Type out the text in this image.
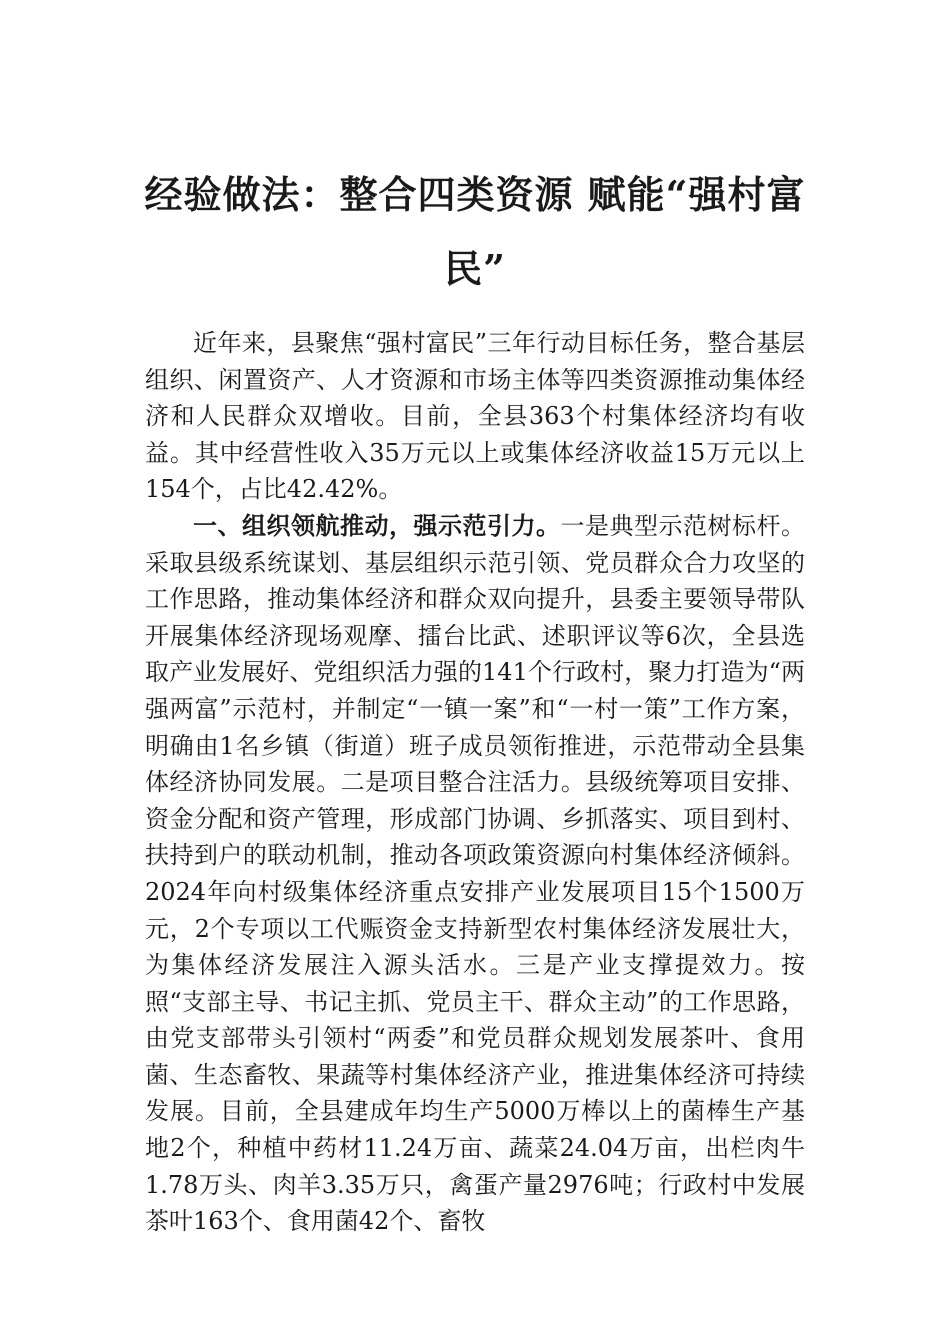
经验做法：整合四类资源 赋能“强村富民”

近年来，县聚焦“强村富民”三年行动目标任务，整合基层组织、闲置资产、人才资源和市场主体等四类资源推动集体经济和人民群众双增收。目前，全县363个村集体经济均有收益。其中经营性收入35万元以上或集体经济收益15万元以上154个，占比42.42%。

一、组织领航推动，强示范引力。一是典型示范树标杆。采取县级系统谋划、基层组织示范引领、党员群众合力攻坚的工作思路，推动集体经济和群众双向提升，县委主要领导带队开展集体经济现场观摩、擂台比武、述职评议等6次，全县选取产业发展好、党组织活力强的141个行政村，聚力打造为“两强两富”示范村，并制定“一镇一案”和“一村一策”工作方案，明确由1名乡镇（街道）班子成员领衔推进，示范带动全县集体经济协同发展。二是项目整合注活力。县级统筹项目安排、资金分配和资产管理，形成部门协调、乡抓落实、项目到村、扶持到户的联动机制，推动各项政策资源向村集体经济倾斜。2024年向村级集体经济重点安排产业发展项目15个1500万元，2个专项以工代赈资金支持新型农村集体经济发展壮大，为集体经济发展注入源头活水。三是产业支撑提效力。按照“支部主导、书记主抓、党员主干、群众主动”的工作思路，由党支部带头引领村“两委”和党员群众规划发展茶叶、食用菌、生态畜牧、果蔬等村集体经济产业，推进集体经济可持续发展。目前，全县建成年均生产5000万棒以上的菌棒生产基地2个，种植中药材11.24万亩、蔬菜24.04万亩，出栏肉牛1.78万头、肉羊3.35万只，禽蛋产量2976吨；行政村中发展茶叶163个、食用菌42个、畜牧
